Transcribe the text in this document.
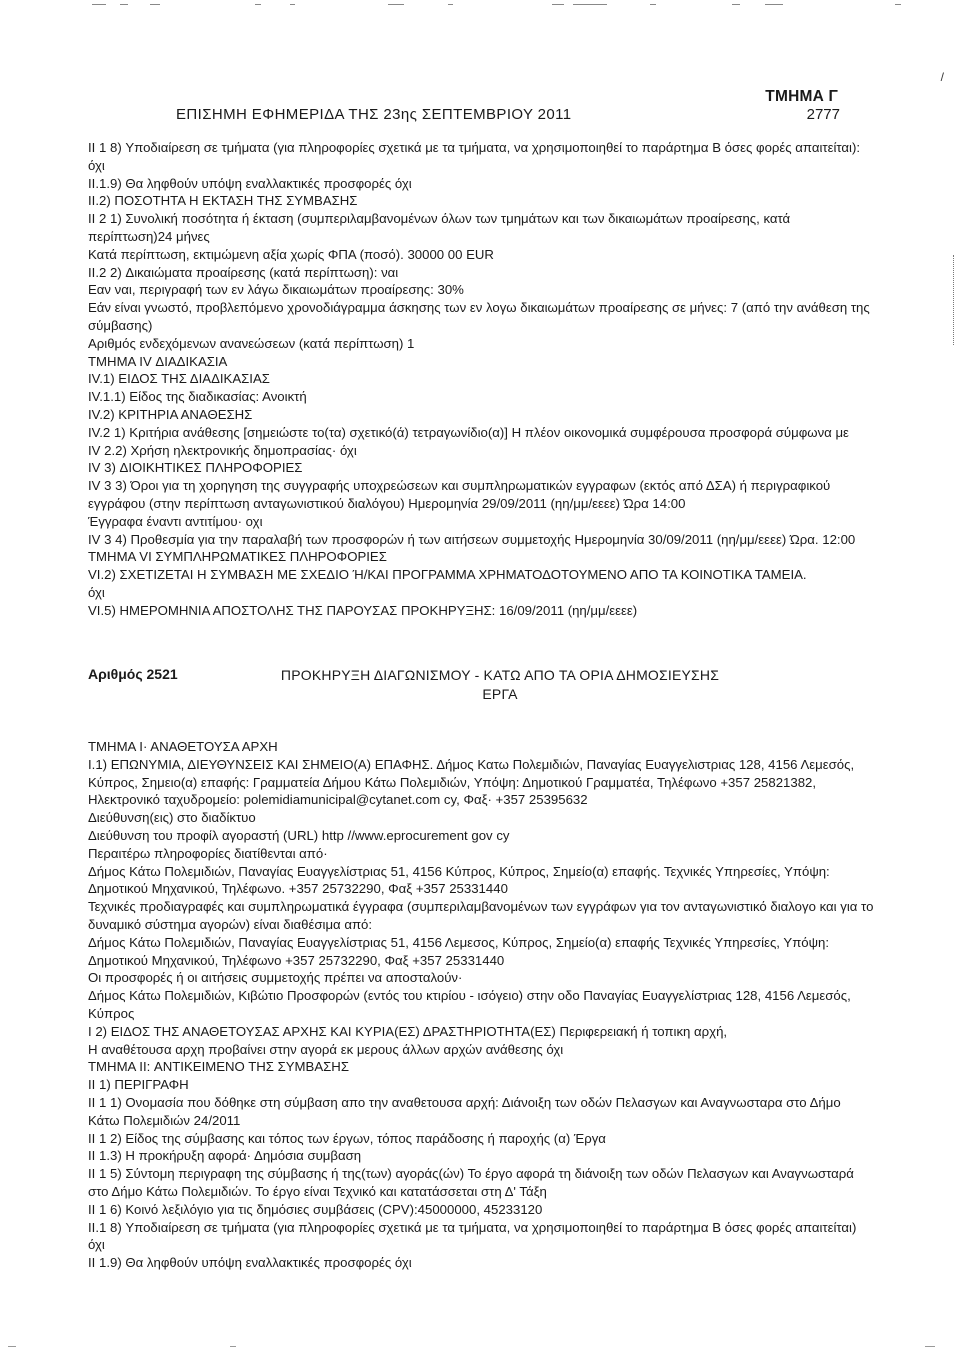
/
ΤΜΗΜΑ Γ
ΕΠΙΣΗΜΗ ΕΦΗΜΕΡΙΔΑ ΤΗΣ 23ης ΣΕΠΤΕΜΒΡΙΟΥ 2011	2777

II 1 8) Υποδιαίρεση σε τμήματα (για πληροφορίες σχετικά με τα τμήματα, να χρησιμοποιηθεί το παράρτημα Β όσες φορές απαιτείται): όχι

II.1.9) Θα ληφθούν υπόψη εναλλακτικές προσφορές όχι

II.2) ΠΟΣΟΤΗΤΑ Η ΕΚΤΑΣΗ ΤΗΣ ΣΥΜΒΑΣΗΣ

II 2 1) Συνολική ποσότητα ή έκταση (συμπεριλαμβανομένων όλων των τμημάτων και των δικαιωμάτων προαίρεσης, κατά περίπτωση)24 μήνες

Κατά περίπτωση, εκτιμώμενη αξία χωρίς ΦΠΑ (ποσό). 30000 00 EUR

II.2 2) Δικαιώματα προαίρεσης (κατά περίπτωση): ναι

Εαν ναι, περιγραφή των εν λάγω δικαιωμάτων προαίρεσης: 30%

Εάν είναι γνωστό, προβλεπόμενο χρονοδιάγραμμα άσκησης των εν λογω δικαιωμάτων προαίρεσης σε μήνες: 7 (από την ανάθεση της σύμβασης)

Αριθμός ενδεχόμενων ανανεώσεων (κατά περίπτωση) 1

ΤΜΗΜΑ IV ΔΙΑΔΙΚΑΣΙΑ

IV.1) ΕΙΔΟΣ ΤΗΣ ΔΙΑΔΙΚΑΣΙΑΣ

IV.1.1) Είδος της διαδικασίας: Ανοικτή

IV.2) ΚΡΙΤΗΡΙΑ ΑΝΑΘΕΣΗΣ

IV.2 1) Κριτήρια ανάθεσης [σημειώστε το(τα) σχετικό(ά) τετραγωνίδιο(α)] Η πλέον οικονομικά συμφέρουσα προσφορά σύμφωνα με

IV 2.2) Χρήση ηλεκτρονικής δημοπρασίας· όχι

IV 3) ΔΙΟΙΚΗΤΙΚΕΣ ΠΛΗΡΟΦΟΡΙΕΣ

IV 3 3) Όροι για τη χορηγηση της συγγραφής υποχρεώσεων και συμπληρωματικών εγγραφων (εκτός από ΔΣΑ) ή περιγραφικού εγγράφου (στην περίπτωση ανταγωνιστικού διαλόγου) Ημερομηνία 29/09/2011 (ηη/μμ/εεεε) Ώρα 14:00

Έγγραφα έναντι αντιτίμου· οχι

IV 3 4) Προθεσμία για την παραλαβή των προσφορών ή των αιτήσεων συμμετοχής Ημερομηνία 30/09/2011 (ηη/μμ/εεεε) Ώρα. 12:00

ΤΜΗΜΑ VI ΣΥΜΠΛΗΡΩΜΑΤΙΚΕΣ ΠΛΗΡΟΦΟΡΙΕΣ

VI.2) ΣΧΕΤΙΖΕΤΑΙ Η ΣΥΜΒΑΣΗ ΜΕ ΣΧΕΔΙΟ Ή/ΚΑΙ ΠΡΟΓΡΑΜΜΑ ΧΡΗΜΑΤΟΔΟΤΟΥΜΕΝΟ ΑΠΟ ΤΑ ΚΟΙΝΟΤΙΚΑ ΤΑΜΕΙΑ.

όχι

VI.5) ΗΜΕΡΟΜΗΝΙΑ ΑΠΟΣΤΟΛΗΣ ΤΗΣ ΠΑΡΟΥΣΑΣ ΠΡΟΚΗΡΥΞΗΣ: 16/09/2011 (ηη/μμ/εεεε)

Αριθμός 2521	ΠΡΟΚΗΡΥΞΗ ΔΙΑΓΩΝΙΣΜΟΥ - ΚΑΤΩ ΑΠΟ ΤΑ ΟΡΙΑ ΔΗΜΟΣΙΕΥΣΗΣ
ΕΡΓΑ

ΤΜΗΜΑ Ι· ΑΝΑΘΕΤΟΥΣΑ ΑΡΧΗ

Ι.1) ΕΠΩΝΥΜΙΑ, ΔΙΕΥΘΥΝΣΕΙΣ ΚΑΙ ΣΗΜΕΙΟ(Α) ΕΠΑΦΗΣ. Δήμος Κατω Πολεμιδιών, Παναγίας Ευαγγελιστριας 128, 4156 Λεμεσός, Κύπρος, Σημειο(α) επαφής: Γραμματεία Δήμου Κάτω Πολεμιδιών, Υπόψη: Δημοτικού Γραμματέα, Τηλέφωνο +357 25821382, Ηλεκτρονικό ταχυδρομείο: polemidiamunicipal@cytanet.com cy, Φαξ· +357 25395632

Διεύθυνση(εις) στο διαδίκτυο

Διεύθυνση του προφίλ αγοραστή (URL) http //www.eprocurement gov cy

Περαιτέρω πληροφορίες διατίθενται από·

Δήμος Κάτω Πολεμιδιών, Παναγίας Ευαγγελίστριας 51, 4156 Κύπρος, Κύπρος, Σημείο(α) επαφής. Τεχνικές Υπηρεσίες, Υπόψη: Δημοτικού Μηχανικού, Τηλέφωνο. +357 25732290, Φαξ +357 25331440

Τεχνικές προδιαγραφές και συμπληρωματικά έγγραφα (συμπεριλαμβανομένων των εγγράφων για τον ανταγωνιστικό διαλογο και για το δυναμικό σύστημα αγορών) είναι διαθέσιμα από:

Δήμος Κάτω Πολεμιδιών, Παναγίας Ευαγγελίστριας 51, 4156 Λεμεσος, Κύπρος, Σημείο(α) επαφής Τεχνικές Υπηρεσίες, Υπόψη: Δημοτικού Μηχανικού, Τηλέφωνο +357 25732290, Φαξ +357 25331440

Οι προσφορές ή οι αιτήσεις συμμετοχής πρέπει να αποσταλούν·

Δήμος Κάτω Πολεμιδιών, Κιβώτιο Προσφορών (εντός του κτιρίου - ισόγειο) στην οδο Παναγίας Ευαγγελίστριας 128, 4156 Λεμεσός, Κύπρος

Ι 2) ΕΙΔΟΣ ΤΗΣ ΑΝΑΘΕΤΟΥΣΑΣ ΑΡΧΗΣ ΚΑΙ ΚΥΡΙΑ(ΕΣ) ΔΡΑΣΤΗΡΙΟΤΗΤΑ(ΕΣ) Περιφερειακή ή τοπικη αρχή,

Η αναθέτουσα αρχη προβαίνει στην αγορά εκ μερους άλλων αρχών ανάθεσης όχι

ΤΜΗΜΑ II: ΑΝΤΙΚΕΙΜΕΝΟ ΤΗΣ ΣΥΜΒΑΣΗΣ

II 1) ΠΕΡΙΓΡΑΦΗ

II 1 1) Ονομασία που δόθηκε στη σύμβαση απο την αναθετουσα αρχή: Διάνοιξη των οδών Πελασγων και Αναγνωσταρα στο Δήμο Κάτω Πολεμιδιών 24/2011

II 1 2) Είδος της σύμβασης και τόπος των έργων, τόπος παράδοσης ή παροχής (α) Έργα

II 1.3) Η προκήρυξη αφορά· Δημόσια συμβαση

II 1 5) Σύντομη περιγραφη της σύμβασης ή της(των) αγοράς(ών) Το έργο αφορά τη διάνοιξη των οδών Πελασγων και Αναγνωσταρά στο Δήμο Κάτω Πολεμιδιών. Το έργο είναι Τεχνικό και κατατάσσεται στη Δ' Τάξη

II 1 6) Κοινό λεξιλόγιο για τις δημόσιες συμβάσεις (CPV):45000000, 45233120

II.1 8) Υποδιαίρεση σε τμήματα (για πληροφορίες σχετικά με τα τμήματα, να χρησιμοποιηθεί το παράρτημα Β όσες φορές απαιτείται) όχι

II 1.9) Θα ληφθούν υπόψη εναλλακτικές προσφορές όχι
